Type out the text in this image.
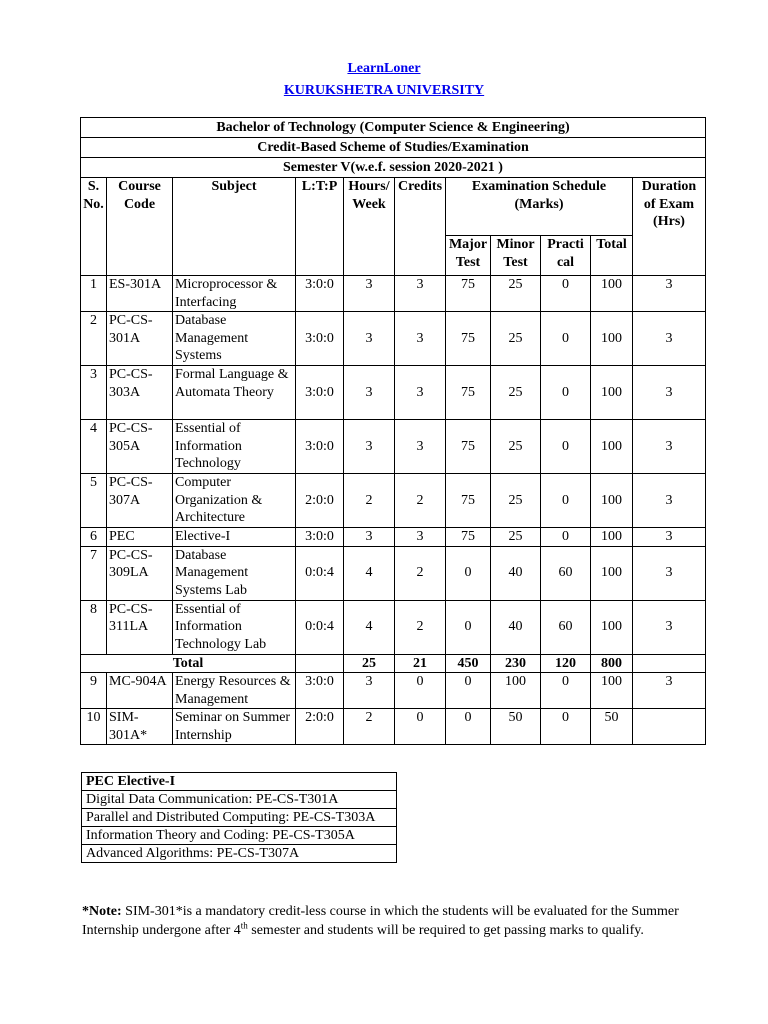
LearnLoner
KURUKSHETRA UNIVERSITY
Bachelor of Technology (Computer Science & Engineering)										
Credit-Based Scheme of Studies/Examination										
Semester V(w.e.f. session 2020-2021 )										
S. No.	Course Code	Subject	L:T:P	Hours/ Week	Credits	Examination Schedule (Marks)				Duration of Exam (Hrs)
						Major Test	Minor Test	Practi cal	Total	
1	ES-301A	Microprocessor & Interfacing	3:0:0	3	3	75	25	0	100	3
2	PC-CS-301A	Database Management Systems	3:0:0	3	3	75	25	0	100	3
3	PC-CS-303A	Formal Language & Automata Theory	3:0:0	3	3	75	25	0	100	3
4	PC-CS-305A	Essential of Information Technology	3:0:0	3	3	75	25	0	100	3
5	PC-CS-307A	Computer Organization & Architecture	2:0:0	2	2	75	25	0	100	3
6	PEC	Elective-I	3:0:0	3	3	75	25	0	100	3
7	PC-CS-309LA	Database Management Systems Lab	0:0:4	4	2	0	40	60	100	3
8	PC-CS-311LA	Essential of Information Technology Lab	0:0:4	4	2	0	40	60	100	3
Total				25	21	450	230	120	800	
9	MC-904A	Energy Resources & Management	3:0:0	3	0	0	100	0	100	3
10	SIM-301A*	Seminar on Summer Internship	2:0:0	2	0	0	50	0	50	
PEC Elective-I
Digital Data Communication: PE-CS-T301A
Parallel and Distributed Computing: PE-CS-T303A
Information Theory and Coding: PE-CS-T305A
Advanced Algorithms: PE-CS-T307A
*Note: SIM-301*is a mandatory credit-less course in which the students will be evaluated for the Summer Internship undergone after 4th semester and students will be required to get passing marks to qualify.
